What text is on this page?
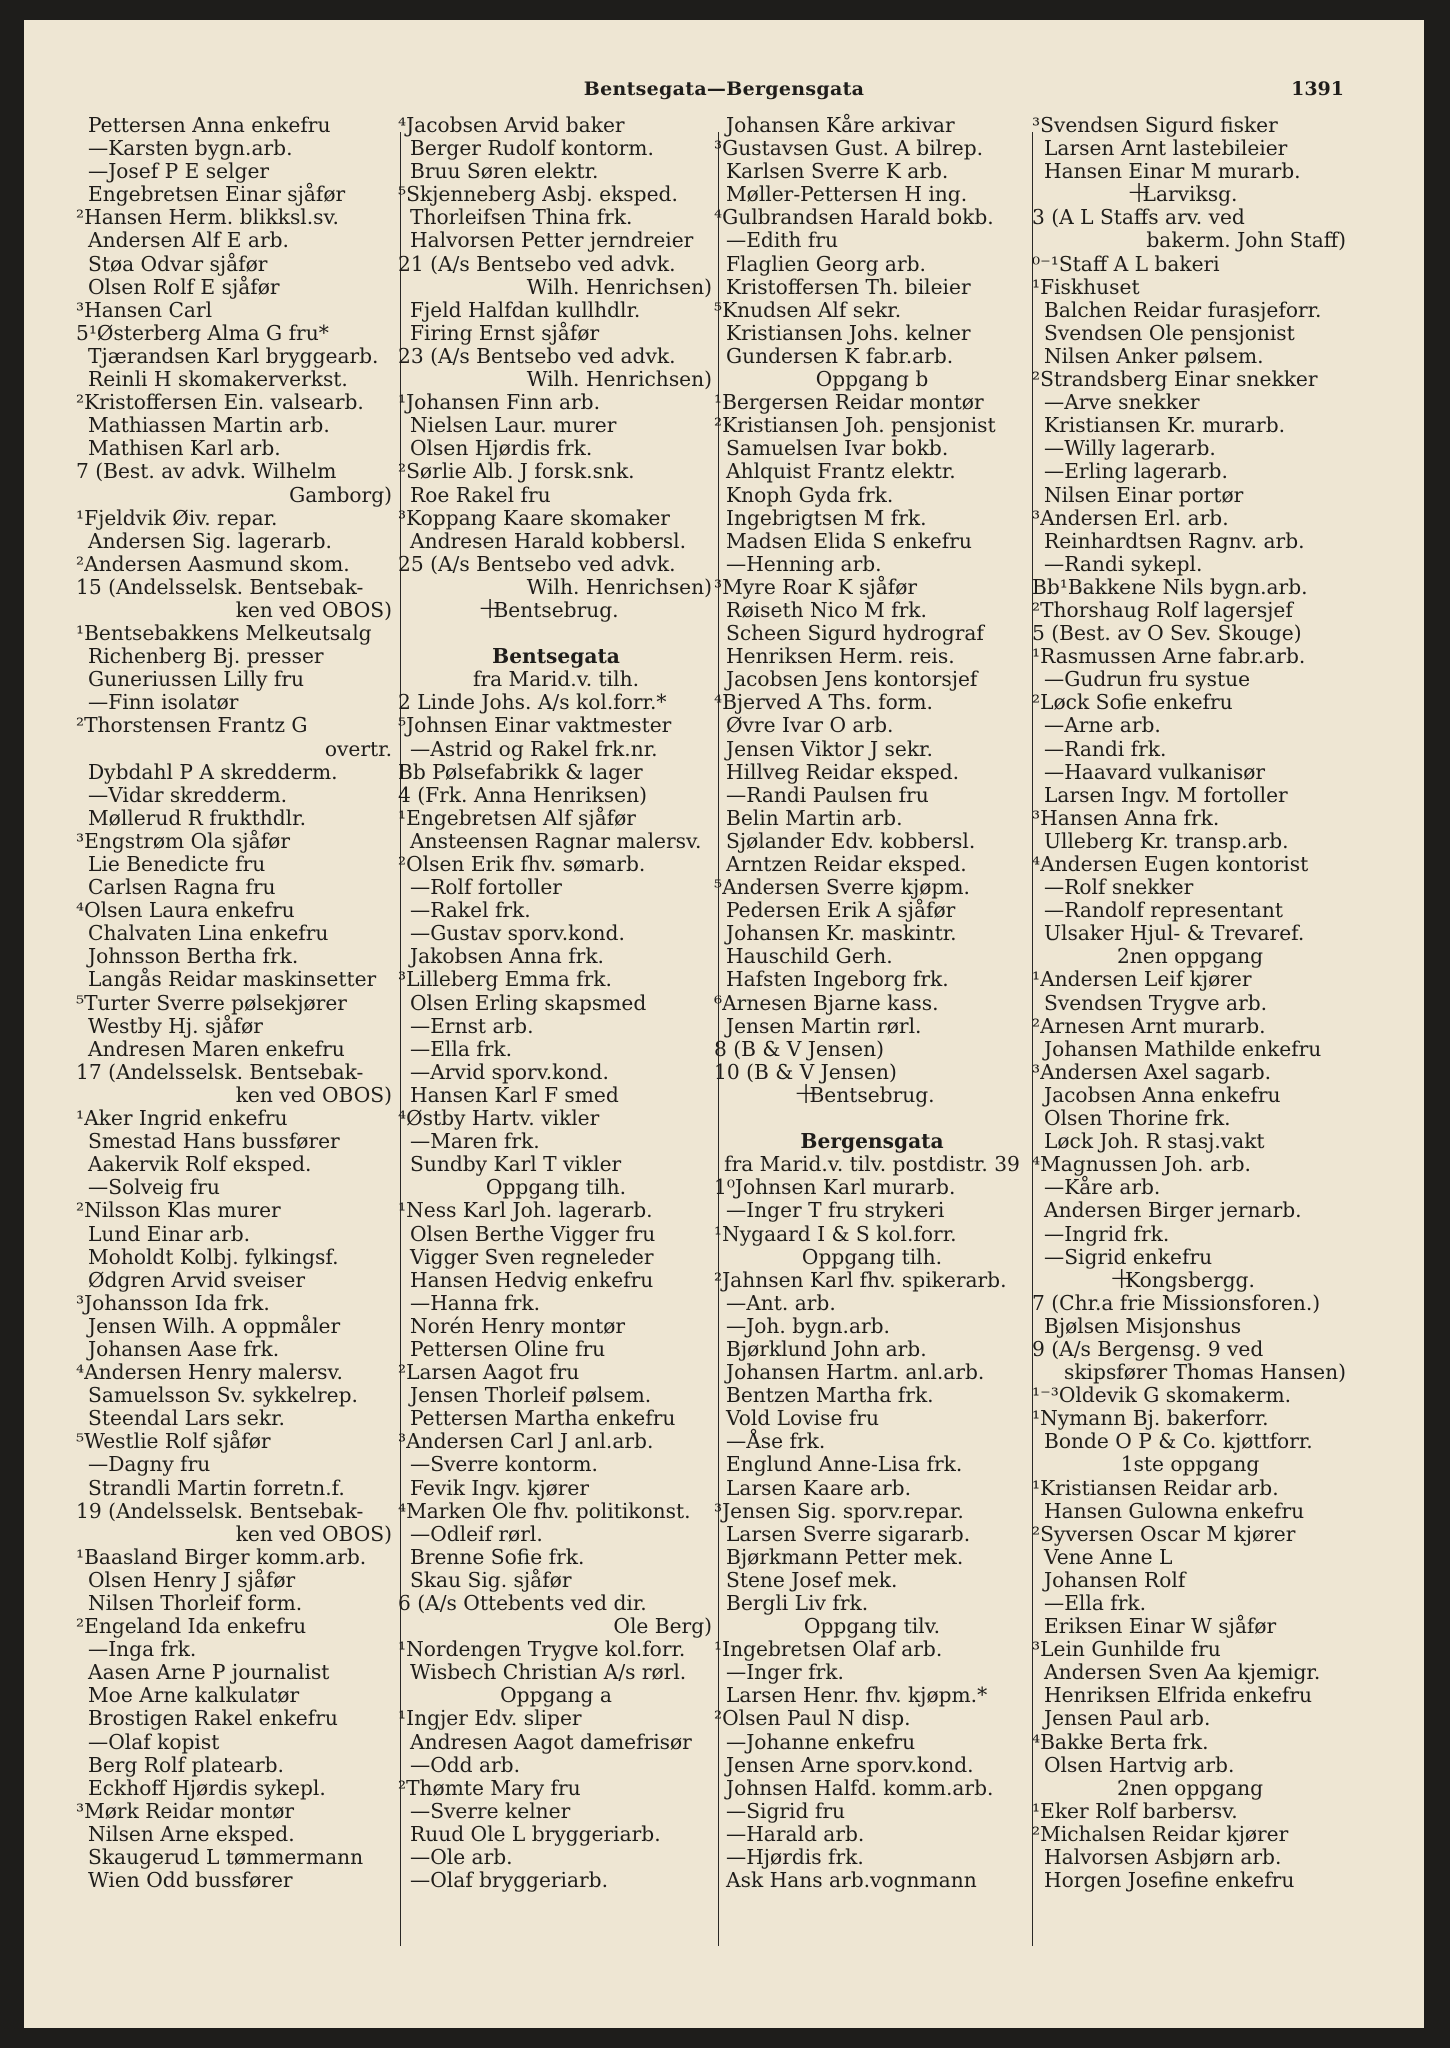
Bentsegata—Bergensgata	1391
Pettersen Anna enkefru
—Karsten bygn.arb.
—Josef P E selger
Engebretsen Einar sjåfør
²Hansen Herm. blikksl.sv.
Andersen Alf E arb.
Støa Odvar sjåfør
Olsen Rolf E sjåfør
³Hansen Carl
5¹Østerberg Alma G fru*
Tjærandsen Karl bryggearb.
Reinli H skomakerverkst.
²Kristoffersen Ein. valsearb.
Mathiassen Martin arb.
Mathisen Karl arb.
7 (Best. av advk. Wilhelm
Gamborg)
¹Fjeldvik Øiv. repar.
Andersen Sig. lagerarb.
²Andersen Aasmund skom.
15 (Andelsselsk. Bentsebak-
ken ved OBOS)
¹Bentsebakkens Melkeutsalg
Richenberg Bj. presser
Guneriussen Lilly fru
—Finn isolatør
²Thorstensen Frantz G
overtr.
Dybdahl P A skredderm.
—Vidar skredderm.
Møllerud R frukthdlr.
³Engstrøm Ola sjåfør
Lie Benedicte fru
Carlsen Ragna fru
⁴Olsen Laura enkefru
Chalvaten Lina enkefru
Johnsson Bertha frk.
Langås Reidar maskinsetter
⁵Turter Sverre pølsekjører
Westby Hj. sjåfør
Andresen Maren enkefru
17 (Andelsselsk. Bentsebak-
ken ved OBOS)
¹Aker Ingrid enkefru
Smestad Hans bussfører
Aakervik Rolf eksped.
—Solveig fru
²Nilsson Klas murer
Lund Einar arb.
Moholdt Kolbj. fylkingsf.
Ødgren Arvid sveiser
³Johansson Ida frk.
Jensen Wilh. A oppmåler
Johansen Aase frk.
⁴Andersen Henry malersv.
Samuelsson Sv. sykkelrep.
Steendal Lars sekr.
⁵Westlie Rolf sjåfør
—Dagny fru
Strandli Martin forretn.f.
19 (Andelsselsk. Bentsebak-
ken ved OBOS)
¹Baasland Birger komm.arb.
Olsen Henry J sjåfør
Nilsen Thorleif form.
²Engeland Ida enkefru
—Inga frk.
Aasen Arne P journalist
Moe Arne kalkulatør
Brostigen Rakel enkefru
—Olaf kopist
Berg Rolf platearb.
Eckhoff Hjørdis sykepl.
³Mørk Reidar montør
Nilsen Arne eksped.
Skaugerud L tømmermann
Wien Odd bussfører
⁴Jacobsen Arvid baker
Berger Rudolf kontorm.
Bruu Søren elektr.
⁵Skjenneberg Asbj. eksped.
Thorleifsen Thina frk.
Halvorsen Petter jerndreier
21 (A/s Bentsebo ved advk.
Wilh. Henrichsen)
Fjeld Halfdan kullhdlr.
Firing Ernst sjåfør
23 (A/s Bentsebo ved advk.
Wilh. Henrichsen)
¹Johansen Finn arb.
Nielsen Laur. murer
Olsen Hjørdis frk.
²Sørlie Alb. J forsk.snk.
Roe Rakel fru
³Koppang Kaare skomaker
Andresen Harald kobbersl.
25 (A/s Bentsebo ved advk.
Wilh. Henrichsen)
+ Bentsebrug.
Bentsegata
fra Marid.v. tilh.
2 Linde Johs. A/s kol.forr.*
⁵Johnsen Einar vaktmester
—Astrid og Rakel frk.nr.
Bb Pølsefabrikk & lager
4 (Frk. Anna Henriksen)
¹Engebretsen Alf sjåfør
Ansteensen Ragnar malersv.
²Olsen Erik fhv. sømarb.
—Rolf fortoller
—Rakel frk.
—Gustav sporv.kond.
Jakobsen Anna frk.
³Lilleberg Emma frk.
Olsen Erling skapsmed
—Ernst arb.
—Ella frk.
—Arvid sporv.kond.
Hansen Karl F smed
⁴Østby Hartv. vikler
—Maren frk.
Sundby Karl T vikler
Oppgang tilh.
¹Ness Karl Joh. lagerarb.
Olsen Berthe Vigger fru
Vigger Sven regneleder
Hansen Hedvig enkefru
—Hanna frk.
Norén Henry montør
Pettersen Oline fru
²Larsen Aagot fru
Jensen Thorleif pølsem.
Pettersen Martha enkefru
³Andersen Carl J anl.arb.
—Sverre kontorm.
Fevik Ingv. kjører
⁴Marken Ole fhv. politikonst.
—Odleif rørl.
Brenne Sofie frk.
Skau Sig. sjåfør
6 (A/s Ottebents ved dir.
Ole Berg)
¹Nordengen Trygve kol.forr.
Wisbech Christian A/s rørl.
Oppgang a
¹Ingjer Edv. sliper
Andresen Aagot damefrisør
—Odd arb.
²Thømte Mary fru
—Sverre kelner
Ruud Ole L bryggeriarb.
—Ole arb.
—Olaf bryggeriarb.
Johansen Kåre arkivar
³Gustavsen Gust. A bilrep.
Karlsen Sverre K arb.
Møller-Pettersen H ing.
⁴Gulbrandsen Harald bokb.
—Edith fru
Flaglien Georg arb.
Kristoffersen Th. bileier
⁵Knudsen Alf sekr.
Kristiansen Johs. kelner
Gundersen K fabr.arb.
Oppgang b
¹Bergersen Reidar montør
²Kristiansen Joh. pensjonist
Samuelsen Ivar bokb.
Ahlquist Frantz elektr.
Knoph Gyda frk.
Ingebrigtsen M frk.
Madsen Elida S enkefru
—Henning arb.
³Myre Roar K sjåfør
Røiseth Nico M frk.
Scheen Sigurd hydrograf
Henriksen Herm. reis.
Jacobsen Jens kontorsjef
⁴Bjerved A Ths. form.
Øvre Ivar O arb.
Jensen Viktor J sekr.
Hillveg Reidar eksped.
—Randi Paulsen fru
Belin Martin arb.
Sjølander Edv. kobbersl.
Arntzen Reidar eksped.
⁵Andersen Sverre kjøpm.
Pedersen Erik A sjåfør
Johansen Kr. maskintr.
Hauschild Gerh.
Hafsten Ingeborg frk.
⁶Arnesen Bjarne kass.
Jensen Martin rørl.
8 (B & V Jensen)
10 (B & V Jensen)
+ Bentsebrug.
Bergensgata
fra Marid.v. tilv. postdistr. 39
1⁰Johnsen Karl murarb.
—Inger T fru strykeri
¹Nygaard I & S kol.forr.
Oppgang tilh.
²Jahnsen Karl fhv. spikerarb.
—Ant. arb.
—Joh. bygn.arb.
Bjørklund John arb.
Johansen Hartm. anl.arb.
Bentzen Martha frk.
Vold Lovise fru
—Åse frk.
Englund Anne-Lisa frk.
Larsen Kaare arb.
³Jensen Sig. sporv.repar.
Larsen Sverre sigararb.
Bjørkmann Petter mek.
Stene Josef mek.
Bergli Liv frk.
Oppgang tilv.
¹Ingebretsen Olaf arb.
—Inger frk.
Larsen Henr. fhv. kjøpm.*
²Olsen Paul N disp.
—Johanne enkefru
Jensen Arne sporv.kond.
Johnsen Halfd. komm.arb.
—Sigrid fru
—Harald arb.
—Hjørdis frk.
Ask Hans arb.vognmann
³Svendsen Sigurd fisker
Larsen Arnt lastebileier
Hansen Einar M murarb.
+ Larviksg.
3 (A L Staffs arv. ved
bakerm. John Staff)
⁰⁻¹Staff A L bakeri
¹Fiskhuset
Balchen Reidar furasjeforr.
Svendsen Ole pensjonist
Nilsen Anker pølsem.
²Strandsberg Einar snekker
—Arve snekker
Kristiansen Kr. murarb.
—Willy lagerarb.
—Erling lagerarb.
Nilsen Einar portør
³Andersen Erl. arb.
Reinhardtsen Ragnv. arb.
—Randi sykepl.
Bb¹Bakkene Nils bygn.arb.
²Thorshaug Rolf lagersjef
5 (Best. av O Sev. Skouge)
¹Rasmussen Arne fabr.arb.
—Gudrun fru systue
²Løck Sofie enkefru
—Arne arb.
—Randi frk.
—Haavard vulkanisør
Larsen Ingv. M fortoller
³Hansen Anna frk.
Ulleberg Kr. transp.arb.
⁴Andersen Eugen kontorist
—Rolf snekker
—Randolf representant
Ulsaker Hjul- & Trevaref.
2nen oppgang
¹Andersen Leif kjører
Svendsen Trygve arb.
²Arnesen Arnt murarb.
Johansen Mathilde enkefru
³Andersen Axel sagarb.
Jacobsen Anna enkefru
Olsen Thorine frk.
Løck Joh. R stasj.vakt
⁴Magnussen Joh. arb.
—Kåre arb.
Andersen Birger jernarb.
—Ingrid frk.
—Sigrid enkefru
+ Kongsbergg.
7 (Chr.a frie Missionsforen.)
Bjølsen Misjonshus
9 (A/s Bergensg. 9 ved
skipsfører Thomas Hansen)
¹⁻³Oldevik G skomakerm.
¹Nymann Bj. bakerforr.
Bonde O P & Co. kjøttforr.
1ste oppgang
¹Kristiansen Reidar arb.
Hansen Gulowna enkefru
²Syversen Oscar M kjører
Vene Anne L
Johansen Rolf
—Ella frk.
Eriksen Einar W sjåfør
³Lein Gunhilde fru
Andersen Sven Aa kjemigr.
Henriksen Elfrida enkefru
Jensen Paul arb.
⁴Bakke Berta frk.
Olsen Hartvig arb.
2nen oppgang
¹Eker Rolf barbersv.
²Michalsen Reidar kjører
Halvorsen Asbjørn arb.
Horgen Josefine enkefru
